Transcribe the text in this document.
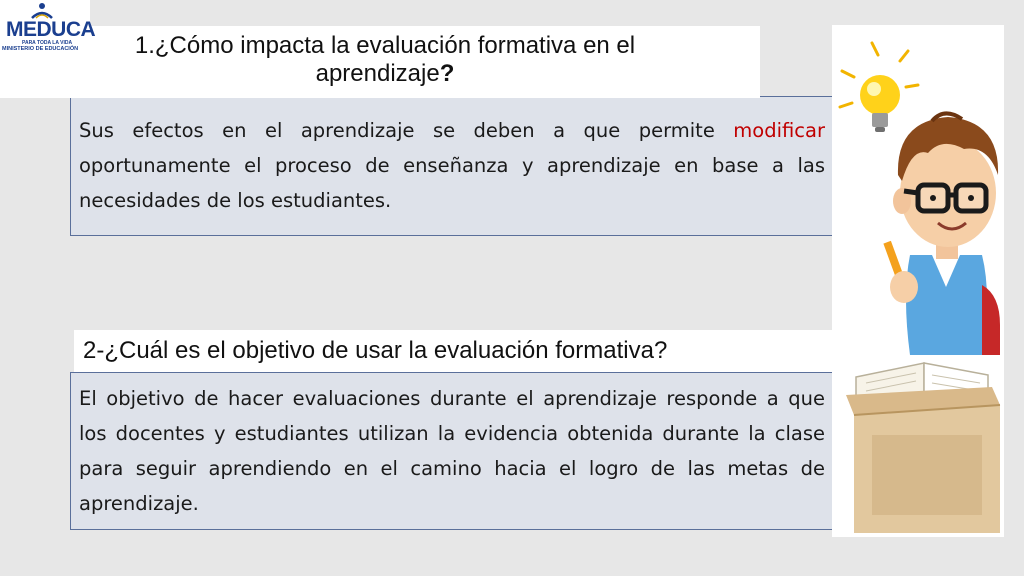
MEDUCA
PARA TODA LA VIDA
MINISTERIO DE EDUCACIÓN	1.¿Cómo impacta la evaluación formativa en el
aprendizaje?
Sus efectos en el aprendizaje se deben a que permite modificar oportunamente el proceso de enseñanza y aprendizaje en base a las necesidades de los estudiantes.
2-¿Cuál es el objetivo de usar la evaluación formativa?
El objetivo de hacer evaluaciones durante el aprendizaje responde a que los docentes y estudiantes utilizan la evidencia obtenida durante la clase para seguir aprendiendo en el camino hacia el logro de las metas de aprendizaje.
